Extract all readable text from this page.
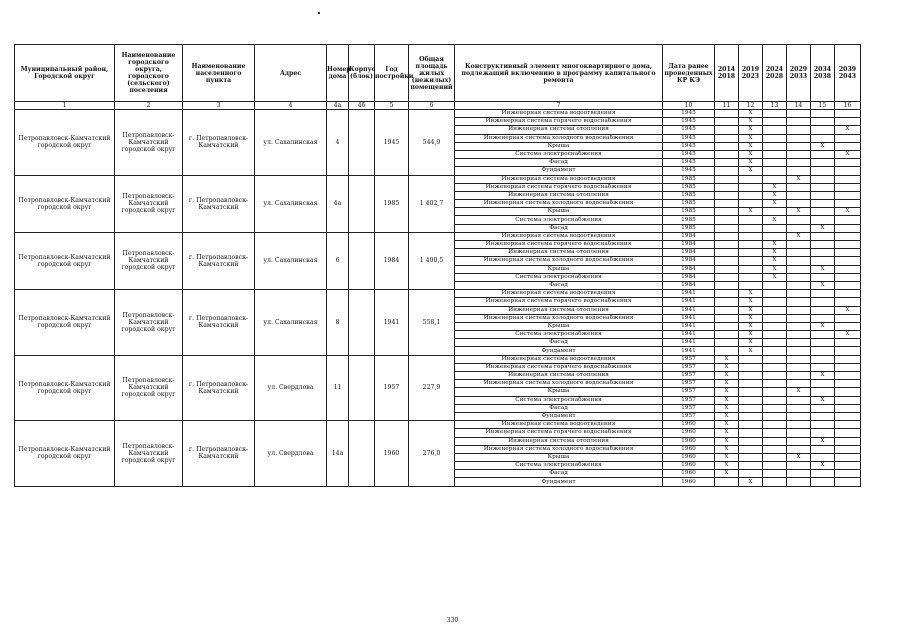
Муниципальный район, Городской округ	Наименование городского округа, городского (сельского) поселения	Наименование населенного пункта	Адрес	Номер дома	Корпус (блок)	Год постройки	Общая площадь жилых (нежилых) помещений	Конструктивный элемент многоквартирного дома, подлежащий включению в программу капитального ремонта	Дата ранее проведенных КР КЭ	2014 2018	2019 2023	2024 2028	2029 2033	2034 2038	2039 2043
1	2	3	4	4а	4б	5	6	7	10	11	12	13	14	15	16
Петропавловск-Камчатский городской округ	Петропавловск-Камчатский городской округ	г. Петропавловск-Камчатский	ул. Сахалинская	4		1945	544,9	Инженерная система водоотведения	1945		X				
								Инженерная система горячего водоснабжения	1945		X				
								Инженерная система отопления	1945		X				X
								Инженерная система холодного водоснабжения	1945		X				
								Крыша	1945		X			X	
								Система электроснабжения	1945		X				X
								Фасад	1945		X				
								Фундамент	1945		X				
Петропавловск-Камчатский городской округ	Петропавловск-Камчатский городской округ	г. Петропавловск-Камчатский	ул. Сахалинская	4а		1985	1 402,7	Инженерная система водоотведения	1985				X		
								Инженерная система горячего водоснабжения	1985			X			
								Инженерная система отопления	1985			X			
								Инженерная система холодного водоснабжения	1985			X			
								Крыша	1985		X		X		X
								Система электроснабжения	1985			X			
								Фасад	1985					X	
Петропавловск-Камчатский городской округ	Петропавловск-Камчатский городской округ	г. Петропавловск-Камчатский	ул. Сахалинская	6		1984	1 400,5	Инженерная система водоотведения	1984				X		
								Инженерная система горячего водоснабжения	1984			X			
								Инженерная система отопления	1984			X			
								Инженерная система холодного водоснабжения	1984			X			
								Крыша	1984			X		X	
								Система электроснабжения	1984			X			
								Фасад	1984					X	
Петропавловск-Камчатский городской округ	Петропавловск-Камчатский городской округ	г. Петропавловск-Камчатский	ул. Сахалинская	8		1941	558,1	Инженерная система водоотведения	1941		X				
								Инженерная система горячего водоснабжения	1941		X				
								Инженерная система отопления	1941		X				X
								Инженерная система холодного водоснабжения	1941		X				
								Крыша	1941		X			X	
								Система электроснабжения	1941		X				X
								Фасад	1941		X				
								Фундамент	1941		X				
Петропавловск-Камчатский городской округ	Петропавловск-Камчатский городской округ	г. Петропавловск-Камчатский	ул. Свердлова	11		1957	227,9	Инженерная система водоотведения	1957	X					
								Инженерная система горячего водоснабжения	1957	X					
								Инженерная система отопления	1957	X				X	
								Инженерная система холодного водоснабжения	1957	X					
								Крыша	1957	X			X		
								Система электроснабжения	1957	X				X	
								Фасад	1957	X					
								Фундамент	1957	X					
Петропавловск-Камчатский городской округ	Петропавловск-Камчатский городской округ	г. Петропавловск-Камчатский	ул. Свердлова	14а		1960	276,0	Инженерная система водоотведения	1960	X					
								Инженерная система горячего водоснабжения	1960	X					
								Инженерная система отопления	1960	X				X	
								Инженерная система холодного водоснабжения	1960	X					
								Крыша	1960	X			X		
								Система электроснабжения	1960	X				X	
								Фасад	1960	X					
								Фундамент	1960		X				
330
